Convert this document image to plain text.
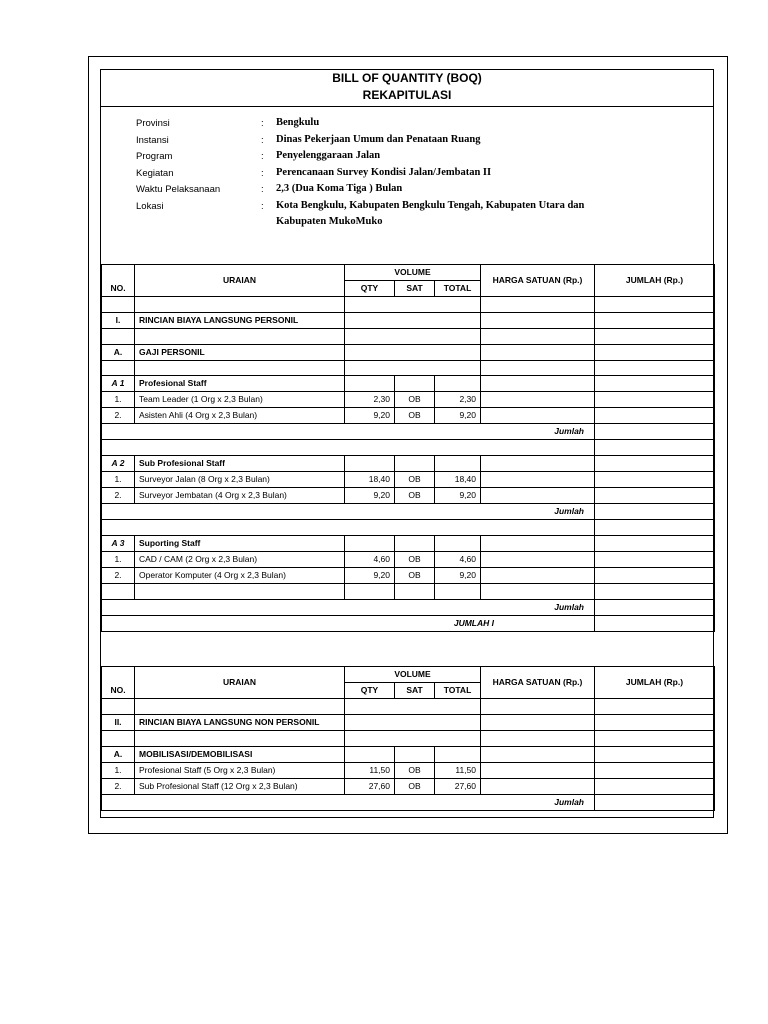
BILL OF QUANTITY (BOQ)
REKAPITULASI
Provinsi	:	Bengkulu
Instansi	:	Dinas Pekerjaan Umum dan Penataan Ruang
Program	:	Penyelenggaraan Jalan
Kegiatan	:	Perencanaan Survey Kondisi Jalan/Jembatan II
Waktu Pelaksanaan	:	2,3 (Dua Koma Tiga ) Bulan
Lokasi	:	Kota Bengkulu, Kabupaten Bengkulu Tengah, Kabupaten Utara dan
Kabupaten MukoMuko
NO.	URAIAN	VOLUME			HARGA SATUAN (Rp.)	JUMLAH (Rp.)
		QTY	SAT	TOTAL		

I.	RINCIAN BIAYA LANGSUNG PERSONIL					

A.	GAJI PERSONIL					

A 1	Profesional Staff					
1.	Team Leader (1 Org x 2,3 Bulan)	2,30	OB	2,30		
2.	Asisten Ahli (4 Org x 2,3 Bulan)	9,20	OB	9,20		
Jumlah						

A 2	Sub Profesional Staff					
1.	Surveyor Jalan (8 Org x 2,3 Bulan)	18,40	OB	18,40		
2.	Surveyor Jembatan (4 Org x 2,3 Bulan)	9,20	OB	9,20		
Jumlah						

A 3	Suporting Staff					
1.	CAD / CAM (2 Org x 2,3 Bulan)	4,60	OB	4,60		
2.	Operator Komputer (4 Org x 2,3 Bulan)	9,20	OB	9,20		

Jumlah						
JUMLAH I						
NO.	URAIAN	VOLUME			HARGA SATUAN (Rp.)	JUMLAH (Rp.)
		QTY	SAT	TOTAL		

II.	RINCIAN BIAYA LANGSUNG NON PERSONIL					

A.	MOBILISASI/DEMOBILISASI					
1.	Profesional Staff (5 Org x 2,3 Bulan)	11,50	OB	11,50		
2.	Sub Profesional Staff (12 Org x 2,3 Bulan)	27,60	OB	27,60		
Jumlah						
